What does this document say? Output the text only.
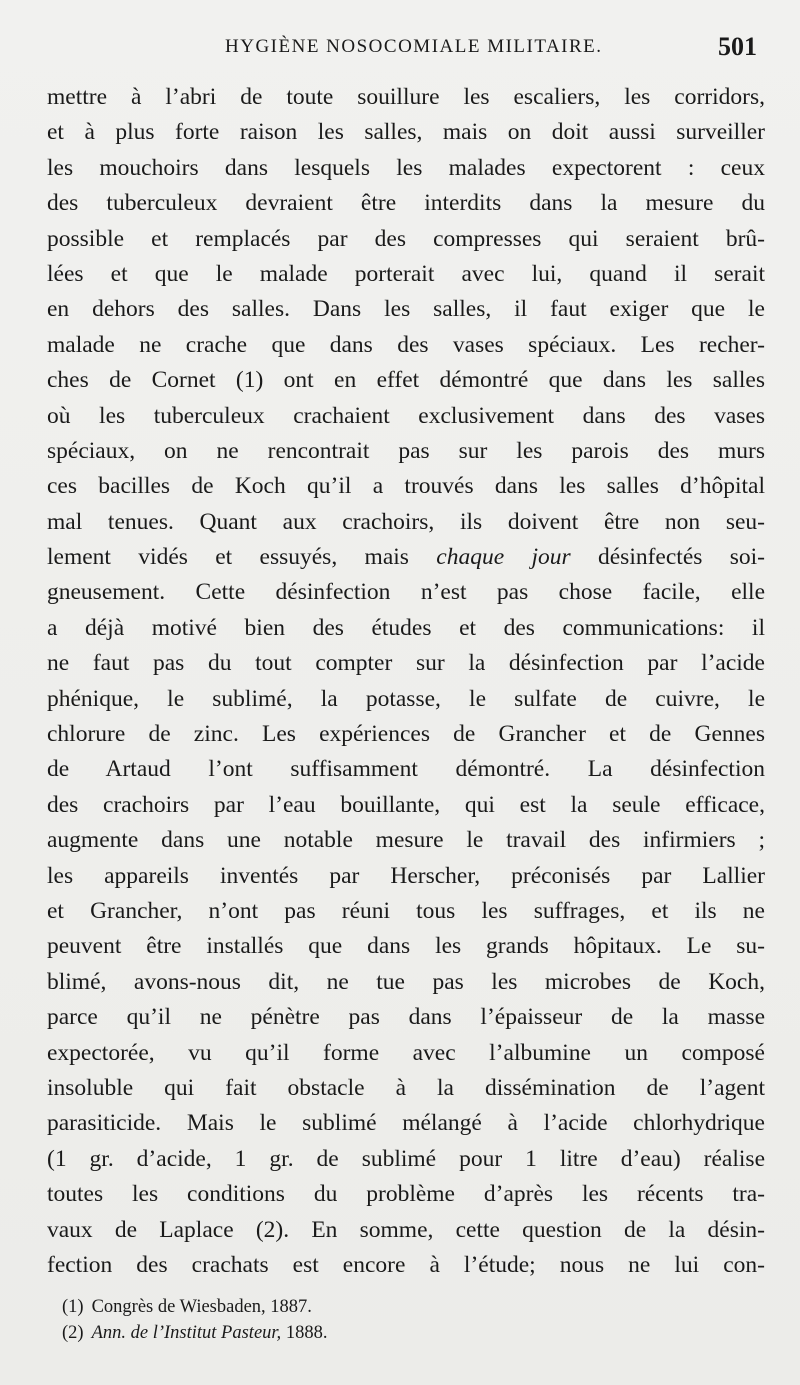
HYGIÈNE NOSOCOMIALE MILITAIRE.	501
mettre à l’abri de toute souillure les escaliers, les corridors,
et à plus forte raison les salles, mais on doit aussi surveiller
les mouchoirs dans lesquels les malades expectorent : ceux
des tuberculeux devraient être interdits dans la mesure du
possible et remplacés par des compresses qui seraient brû-
lées et que le malade porterait avec lui, quand il serait
en dehors des salles. Dans les salles, il faut exiger que le
malade ne crache que dans des vases spéciaux. Les recher-
ches de Cornet (1) ont en effet démontré que dans les salles
où les tuberculeux crachaient exclusivement dans des vases
spéciaux, on ne rencontrait pas sur les parois des murs
ces bacilles de Koch qu’il a trouvés dans les salles d’hôpital
mal tenues. Quant aux crachoirs, ils doivent être non seu-
lement vidés et essuyés, mais chaque jour désinfectés soi-
gneusement. Cette désinfection n’est pas chose facile, elle
a déjà motivé bien des études et des communications: il
ne faut pas du tout compter sur la désinfection par l’acide
phénique, le sublimé, la potasse, le sulfate de cuivre, le
chlorure de zinc. Les expériences de Grancher et de Gennes
de Artaud l’ont suffisamment démontré. La désinfection
des crachoirs par l’eau bouillante, qui est la seule efficace,
augmente dans une notable mesure le travail des infirmiers ;
les appareils inventés par Herscher, préconisés par Lallier
et Grancher, n’ont pas réuni tous les suffrages, et ils ne
peuvent être installés que dans les grands hôpitaux. Le su-
blimé, avons-nous dit, ne tue pas les microbes de Koch,
parce qu’il ne pénètre pas dans l’épaisseur de la masse
expectorée, vu qu’il forme avec l’albumine un composé
insoluble qui fait obstacle à la dissémination de l’agent
parasiticide. Mais le sublimé mélangé à l’acide chlorhydrique
(1 gr. d’acide, 1 gr. de sublimé pour 1 litre d’eau) réalise
toutes les conditions du problème d’après les récents tra-
vaux de Laplace (2). En somme, cette question de la désin-
fection des crachats est encore à l’étude; nous ne lui con-
(1) Congrès de Wiesbaden, 1887.
(2) Ann. de l’Institut Pasteur, 1888.
